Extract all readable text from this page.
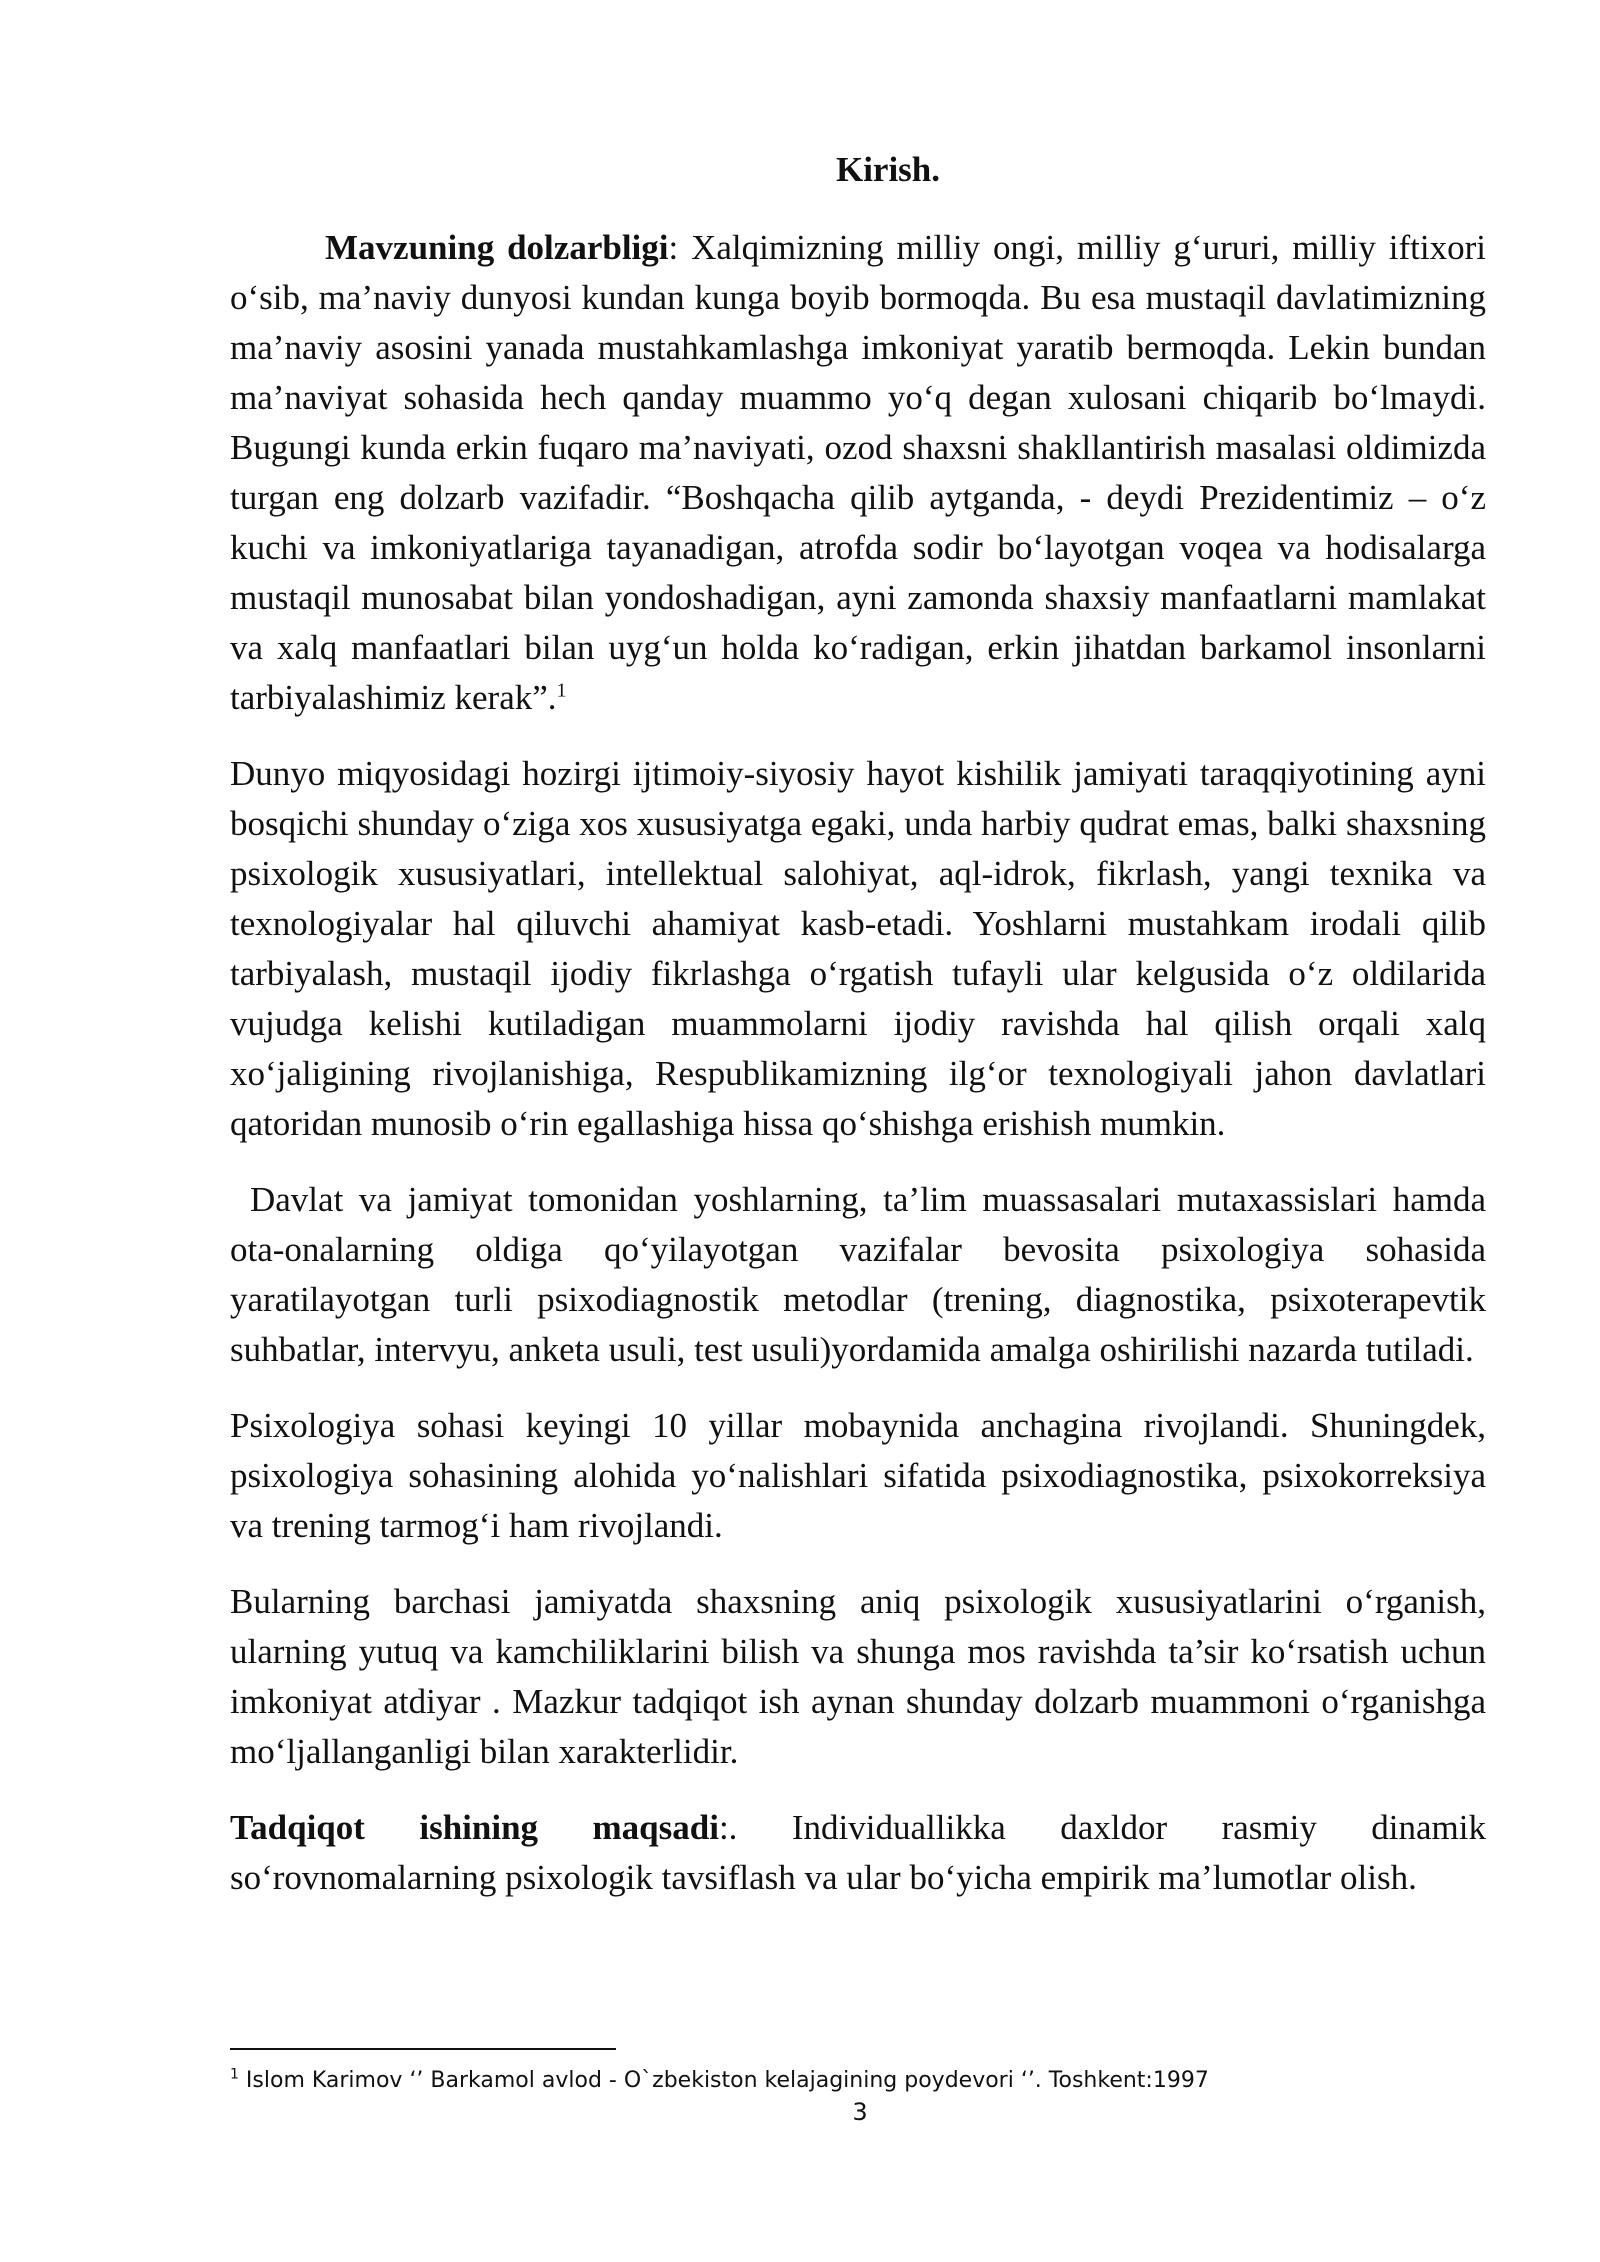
Kirish.

Mavzuning dolzarbligi: Xalqimizning milliy ongi, milliy g‘ururi, milliy iftixori o‘sib, ma’naviy dunyosi kundan kunga boyib bormoqda. Bu esa mustaqil davlatimizning ma’naviy asosini yanada mustahkamlashga imkoniyat yaratib bermoqda. Lekin bundan ma’naviyat sohasida hech qanday muammo yo‘q degan xulosani chiqarib bo‘lmaydi. Bugungi kunda erkin fuqaro ma’naviyati, ozod shaxsni shakllantirish masalasi oldimizda turgan eng dolzarb vazifadir. “Boshqacha qilib aytganda, - deydi Prezidentimiz – o‘z kuchi va imkoniyatlariga tayanadigan, atrofda sodir bo‘layotgan voqea va hodisalarga mustaqil munosabat bilan yondoshadigan, ayni zamonda shaxsiy manfaatlarni mamlakat va xalq manfaatlari bilan uyg‘un holda ko‘radigan, erkin jihatdan barkamol insonlarni tarbiyalashimiz kerak”.$^1$

Dunyo miqyosidagi hozirgi ijtimoiy-siyosiy hayot kishilik jamiyati taraqqiyotining ayni bosqichi shunday o‘ziga xos xususiyatga egaki, unda harbiy qudrat emas, balki shaxsning psixologik xususiyatlari, intellektual salohiyat, aql-idrok, fikrlash, yangi texnika va texnologiyalar hal qiluvchi ahamiyat kasb-etadi. Yoshlarni mustahkam irodali qilib tarbiyalash, mustaqil ijodiy fikrlashga o‘rgatish tufayli ular kelgusida o‘z oldilarida vujudga kelishi kutiladigan muammolarni ijodiy ravishda hal qilish orqali xalq xo‘jaligining rivojlanishiga, Respublikamizning ilg‘or texnologiyali jahon davlatlari qatoridan munosib o‘rin egallashiga hissa qo‘shishga erishish mumkin.

Davlat va jamiyat tomonidan yoshlarning, ta’lim muassasalari mutaxassislari hamda ota-onalarning oldiga qo‘yilayotgan vazifalar bevosita psixologiya sohasida yaratilayotgan turli psixodiagnostik metodlar (trening, diagnostika, psixoterapevtik suhbatlar, intervyu, anketa usuli, test usuli)yordamida amalga oshirilishi nazarda tutiladi.

Psixologiya sohasi keyingi 10 yillar mobaynida anchagina rivojlandi. Shuningdek, psixologiya sohasining alohida yo‘nalishlari sifatida psixodiagnostika, psixokorreksiya va trening tarmog‘i ham rivojlandi.

Bularning barchasi jamiyatda shaxsning aniq psixologik xususiyatlarini o‘rganish, ularning yutuq va kamchiliklarini bilish va shunga mos ravishda ta’sir ko‘rsatish uchun imkoniyat atdiyar . Mazkur tadqiqot ish aynan shunday dolzarb muammoni o‘rganishga mo‘ljallanganligi bilan xarakterlidir.

Tadqiqot ishining maqsadi:. Individuallikka daxldor rasmiy dinamik so‘rovnomalarning psixologik tavsiflash va ular bo‘yicha empirik ma’lumotlar olish.

$^1$ Islom Karimov ‘’ Barkamol avlod - O`zbekiston kelajagining poydevori ‘’. Toshkent:1997
3
